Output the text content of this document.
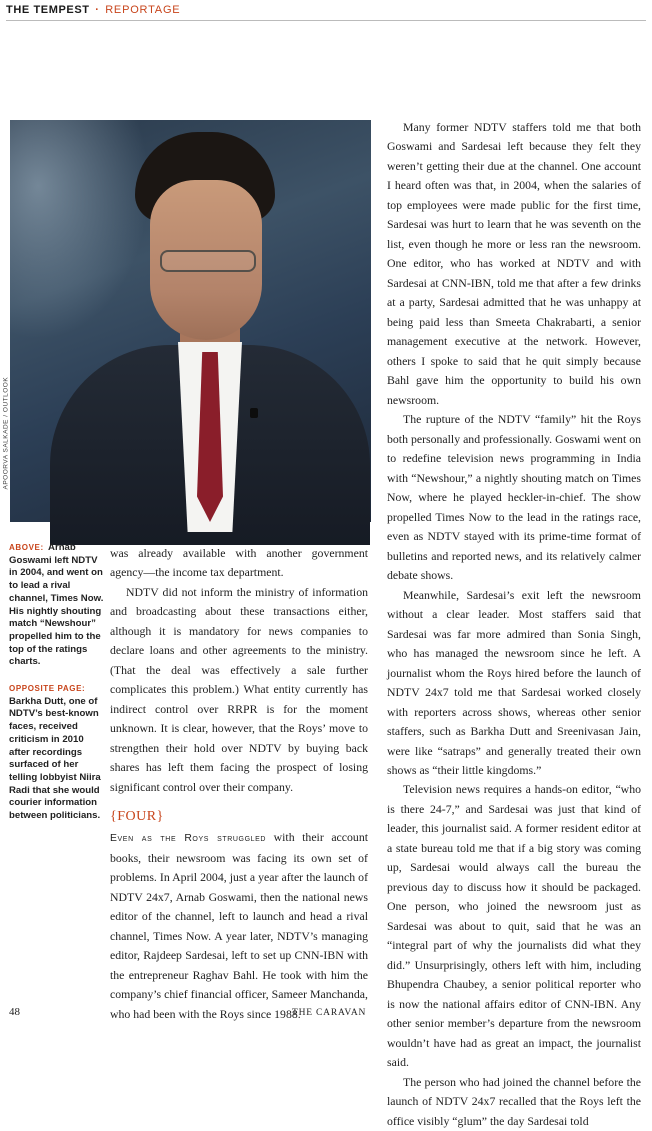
THE TEMPEST · REPORTAGE
APOORVA SALKADE / OUTLOOK

ABOVE: Arnab Goswami left NDTV in 2004, and went on to lead a rival channel, Times Now. His nightly shouting match “Newshour” propelled him to the top of the ratings charts.

OPPOSITE PAGE: Barkha Dutt, one of NDTV’s best-known faces, received criticism in 2010 after recordings surfaced of her telling lobbyist Niira Radi that she would courier information between politicians.

was already available with another government agency—the income tax department.

NDTV did not inform the ministry of information and broadcasting about these transactions either, although it is mandatory for news companies to declare loans and other agreements to the ministry. (That the deal was effectively a sale further complicates this problem.) What entity currently has indirect control over RRPR is for the moment unknown. It is clear, however, that the Roys’ move to strengthen their hold over NDTV by buying back shares has left them facing the prospect of losing significant control over their company.

{FOUR}

Even as the Roys struggled with their account books, their newsroom was facing its own set of problems. In April 2004, just a year after the launch of NDTV 24x7, Arnab Goswami, then the national news editor of the channel, left to launch and head a rival channel, Times Now. A year later, NDTV’s managing editor, Rajdeep Sardesai, left to set up CNN-IBN with the entrepreneur Raghav Bahl. He took with him the company’s chief financial officer, Sameer Manchanda, who had been with the Roys since 1988.

Many former NDTV staffers told me that both Goswami and Sardesai left because they felt they weren’t getting their due at the channel. One account I heard often was that, in 2004, when the salaries of top employees were made public for the first time, Sardesai was hurt to learn that he was seventh on the list, even though he more or less ran the newsroom. One editor, who has worked at NDTV and with Sardesai at CNN-IBN, told me that after a few drinks at a party, Sardesai admitted that he was unhappy at being paid less than Smeeta Chakrabarti, a senior management executive at the network. However, others I spoke to said that he quit simply because Bahl gave him the opportunity to build his own newsroom.

The rupture of the NDTV “family” hit the Roys both personally and professionally. Goswami went on to redefine television news programming in India with “Newshour,” a nightly shouting match on Times Now, where he played heckler-in-chief. The show propelled Times Now to the lead in the ratings race, even as NDTV stayed with its prime-time format of bulletins and reported news, and its relatively calmer debate shows.

Meanwhile, Sardesai’s exit left the newsroom without a clear leader. Most staffers said that Sardesai was far more admired than Sonia Singh, who has managed the newsroom since he left. A journalist whom the Roys hired before the launch of NDTV 24x7 told me that Sardesai worked closely with reporters across shows, whereas other senior staffers, such as Barkha Dutt and Sreenivasan Jain, were like “satraps” and generally treated their own shows as “their little kingdoms.”

Television news requires a hands-on editor, “who is there 24-7,” and Sardesai was just that kind of leader, this journalist said. A former resident editor at a state bureau told me that if a big story was coming up, Sardesai would always call the bureau the previous day to discuss how it should be packaged. One person, who joined the newsroom just as Sardesai was about to quit, said that he was an “integral part of why the journalists did what they did.” Unsurprisingly, others left with him, including Bhupendra Chaubey, a senior political reporter who is now the national affairs editor of CNN-IBN. Any other senior member’s departure from the newsroom wouldn’t have had as great an impact, the journalist said.

The person who had joined the channel before the launch of NDTV 24x7 recalled that the Roys left the office visibly “glum” the day Sardesai told

48	THE CARAVAN
